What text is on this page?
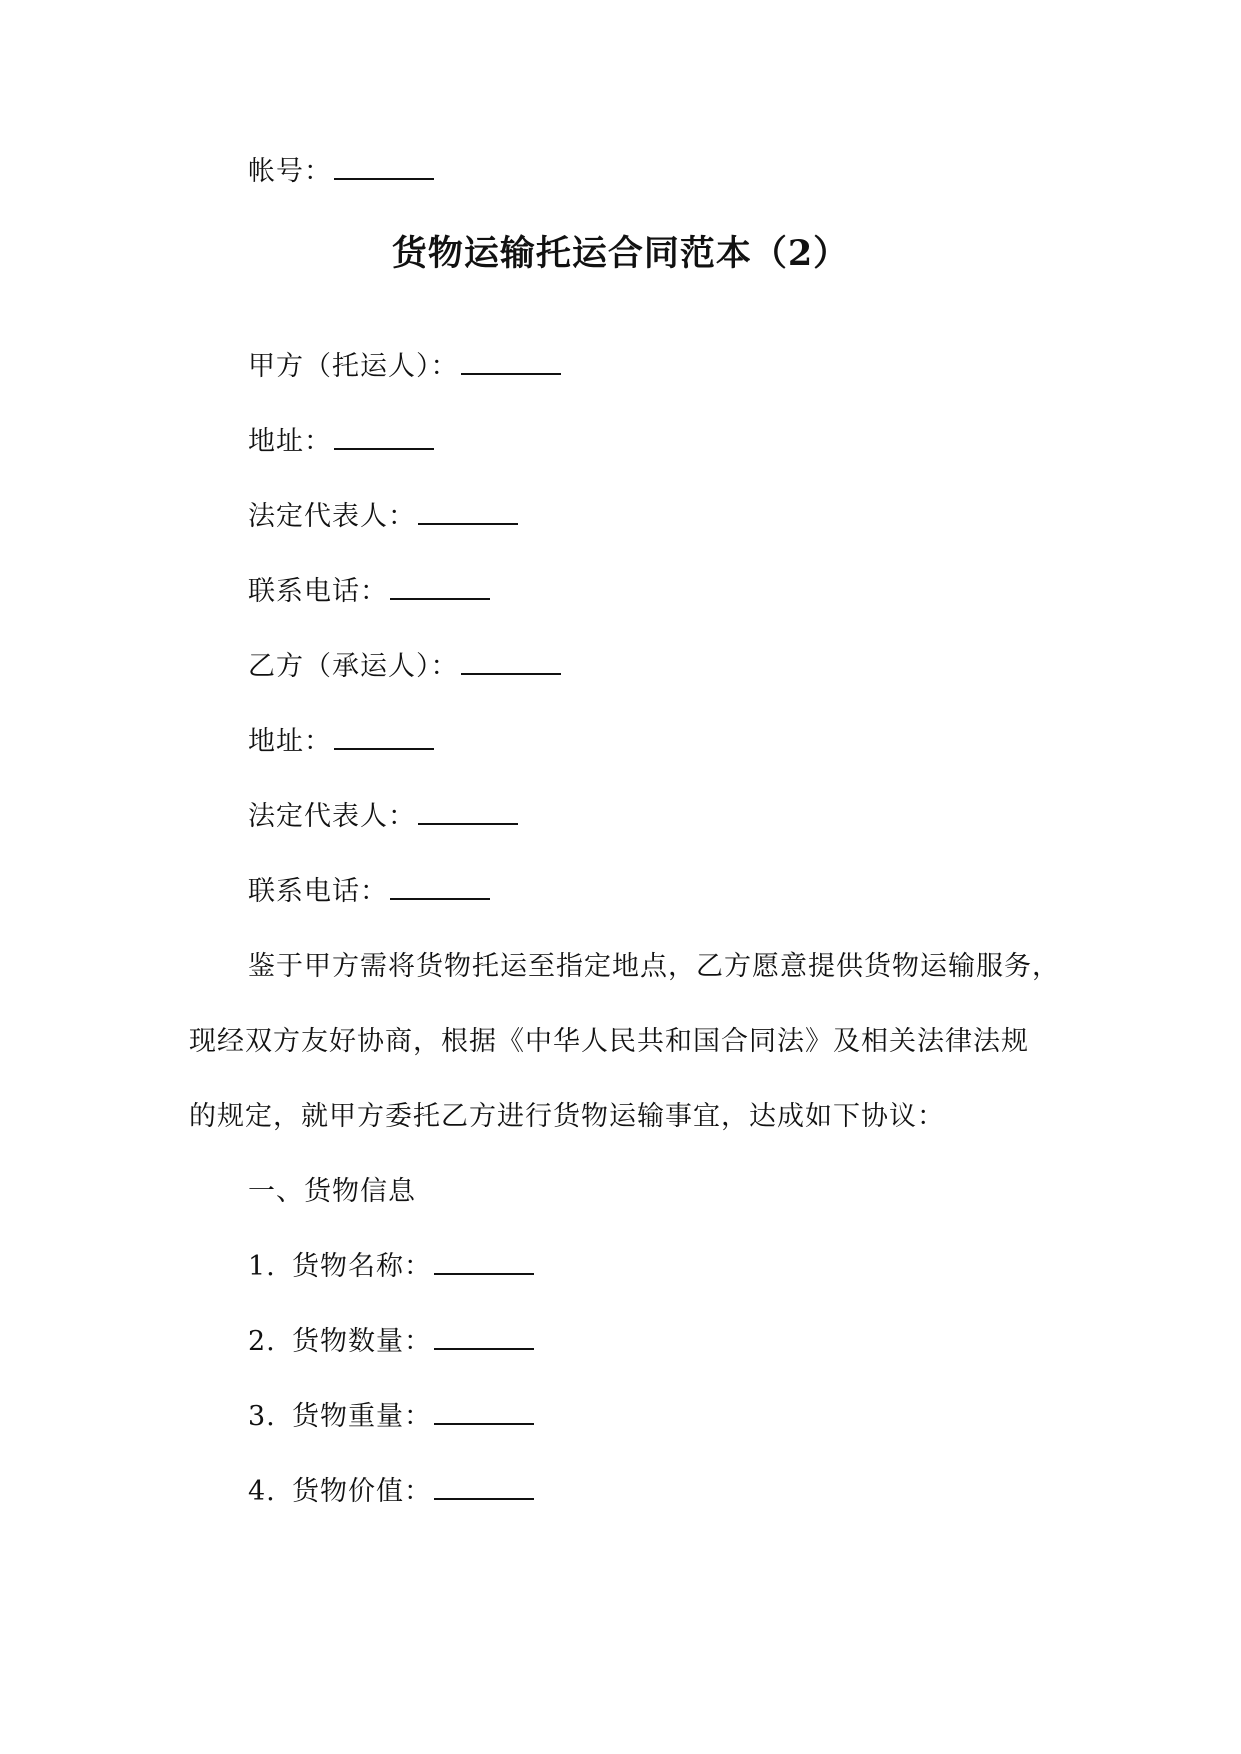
帐号：
货物运输托运合同范本（2）
甲方（托运人）：
地址：
法定代表人：
联系电话：
乙方（承运人）：
地址：
法定代表人：
联系电话：
鉴于甲方需将货物托运至指定地点，乙方愿意提供货物运输服务，
现经双方友好协商，根据《中华人民共和国合同法》及相关法律法规
的规定，就甲方委托乙方进行货物运输事宜，达成如下协议：
一、货物信息
1. 货物名称：
2. 货物数量：
3. 货物重量：
4. 货物价值：
